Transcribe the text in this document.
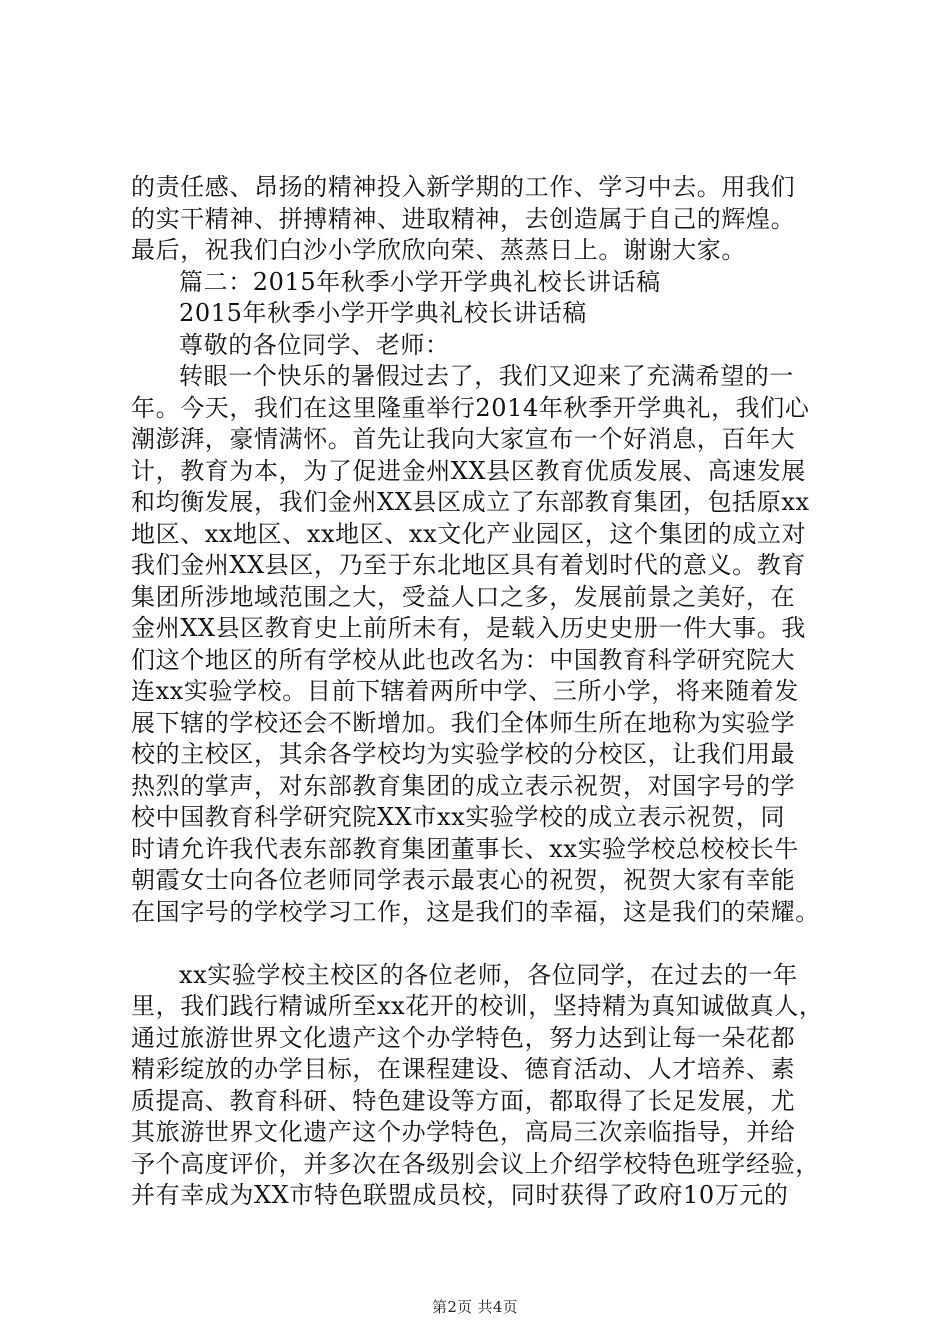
的责任感、昂扬的精神投入新学期的工作、学习中去。用我们
的实干精神、拼搏精神、进取精神，去创造属于自己的辉煌。
最后，祝我们白沙小学欣欣向荣、蒸蒸日上。谢谢大家。
篇二：2015年秋季小学开学典礼校长讲话稿
2015年秋季小学开学典礼校长讲话稿
尊敬的各位同学、老师：
转眼一个快乐的暑假过去了，我们又迎来了充满希望的一
年。今天，我们在这里隆重举行2014年秋季开学典礼，我们心
潮澎湃，豪情满怀。首先让我向大家宣布一个好消息，百年大
计，教育为本，为了促进金州XX县区教育优质发展、高速发展
和均衡发展，我们金州XX县区成立了东部教育集团，包括原xx
地区、xx地区、xx地区、xx文化产业园区，这个集团的成立对
我们金州XX县区，乃至于东北地区具有着划时代的意义。教育
集团所涉地域范围之大，受益人口之多，发展前景之美好，在
金州XX县区教育史上前所未有，是载入历史史册一件大事。我
们这个地区的所有学校从此也改名为：中国教育科学研究院大
连xx实验学校。目前下辖着两所中学、三所小学，将来随着发
展下辖的学校还会不断增加。我们全体师生所在地称为实验学
校的主校区，其余各学校均为实验学校的分校区，让我们用最
热烈的掌声，对东部教育集团的成立表示祝贺，对国字号的学
校中国教育科学研究院XX市xx实验学校的成立表示祝贺，同
时请允许我代表东部教育集团董事长、xx实验学校总校校长牛
朝霞女士向各位老师同学表示最衷心的祝贺，祝贺大家有幸能
在国字号的学校学习工作，这是我们的幸福，这是我们的荣耀。
xx实验学校主校区的各位老师，各位同学，在过去的一年
里，我们践行精诚所至xx花开的校训，坚持精为真知诚做真人，
通过旅游世界文化遗产这个办学特色，努力达到让每一朵花都
精彩绽放的办学目标，在课程建设、德育活动、人才培养、素
质提高、教育科研、特色建设等方面，都取得了长足发展，尤
其旅游世界文化遗产这个办学特色，高局三次亲临指导，并给
予个高度评价，并多次在各级别会议上介绍学校特色班学经验，
并有幸成为XX市特色联盟成员校，同时获得了政府10万元的
第2页 共4页
